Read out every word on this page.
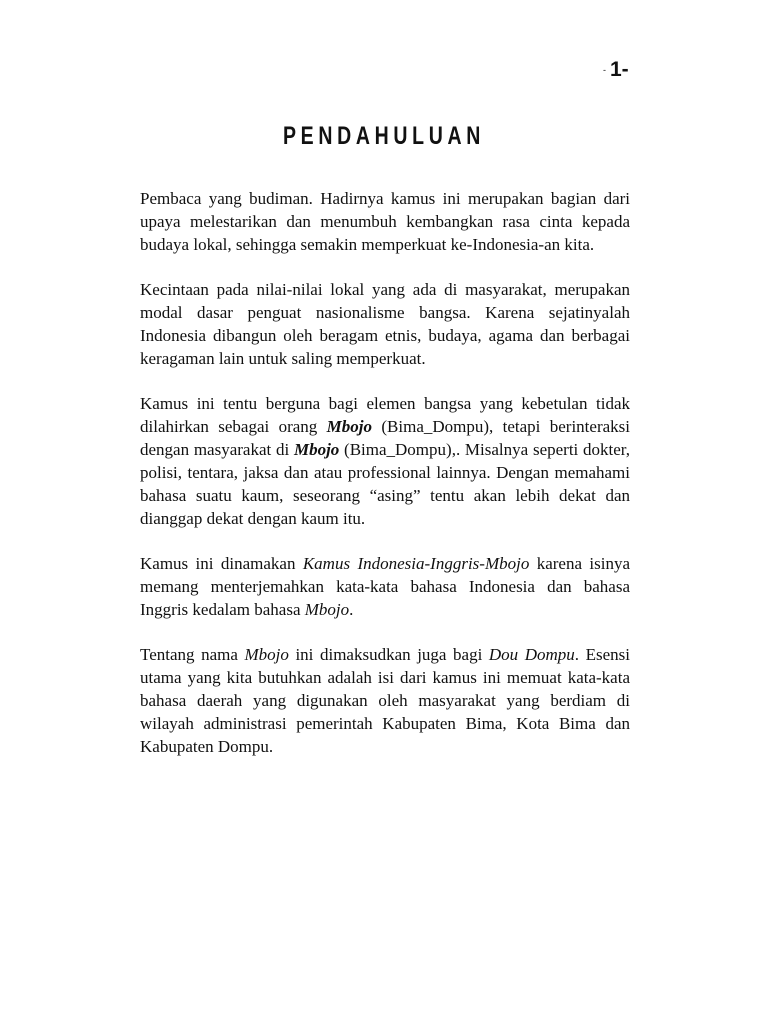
- 1-
PENDAHULUAN

Pembaca yang budiman. Hadirnya kamus ini merupakan bagian dari upaya melestarikan dan menumbuh kembangkan rasa cinta kepada budaya lokal, sehingga semakin memperkuat ke-Indonesia-an kita.

Kecintaan pada nilai-nilai lokal yang ada di masyarakat, merupakan modal dasar penguat nasionalisme bangsa. Karena sejatinyalah Indonesia dibangun oleh beragam etnis, budaya, agama dan berbagai keragaman lain untuk saling memperkuat.

Kamus ini tentu berguna bagi elemen bangsa yang kebetulan tidak dilahirkan sebagai orang Mbojo (Bima_Dompu), tetapi berinteraksi dengan masyarakat di Mbojo (Bima_Dompu),. Misalnya seperti dokter, polisi, tentara, jaksa dan atau professional lainnya. Dengan memahami bahasa suatu kaum, seseorang “asing” tentu akan lebih dekat dan dianggap dekat dengan kaum itu.

Kamus ini dinamakan Kamus Indonesia-Inggris-Mbojo karena isinya memang menterjemahkan kata-kata bahasa Indonesia dan bahasa Inggris kedalam bahasa Mbojo.

Tentang nama Mbojo ini dimaksudkan juga bagi Dou Dompu. Esensi utama yang kita butuhkan adalah isi dari kamus ini memuat kata-kata bahasa daerah yang digunakan oleh masyarakat yang berdiam di wilayah administrasi pemerintah Kabupaten Bima, Kota Bima dan Kabupaten Dompu.
